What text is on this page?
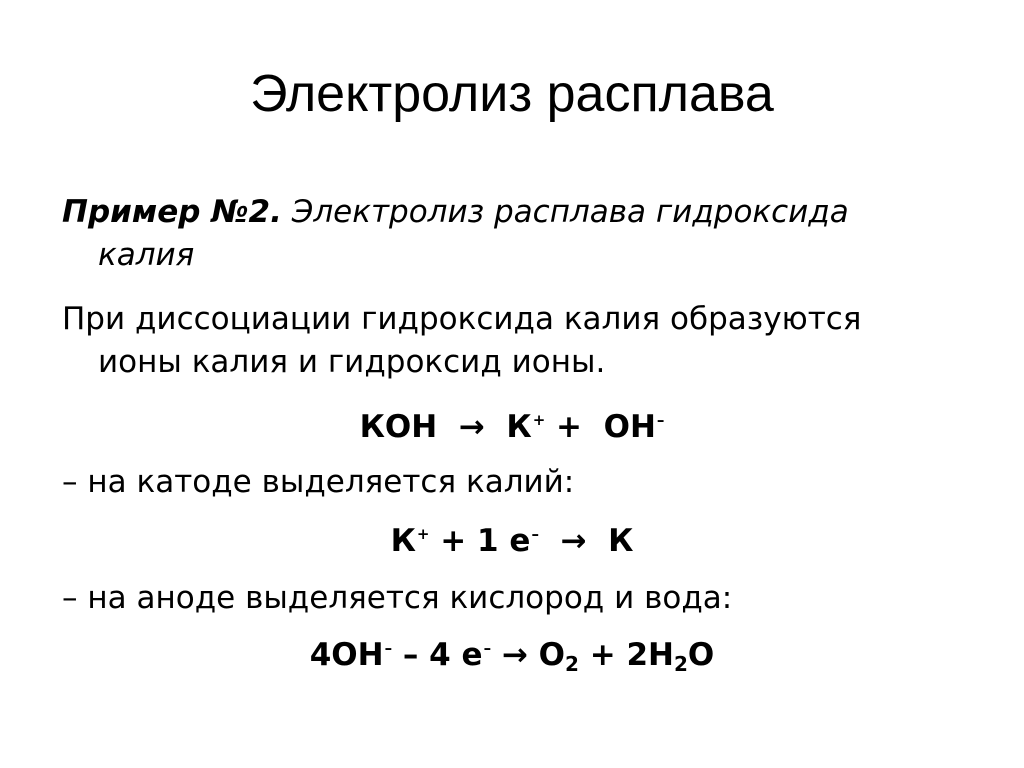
Электролиз расплава

Пример №2. Электролиз расплава гидроксида
калия

При диссоциации гидроксида калия образуются
ионы калия и гидроксид ионы.

КОН  →  К+ +  ОН–

– на катоде выделяется калий:

К+ + 1 е–  →  К

– на аноде выделяется кислород и вода:

4ОН– – 4 $е^- \to О_2 + 2Н_2О$
